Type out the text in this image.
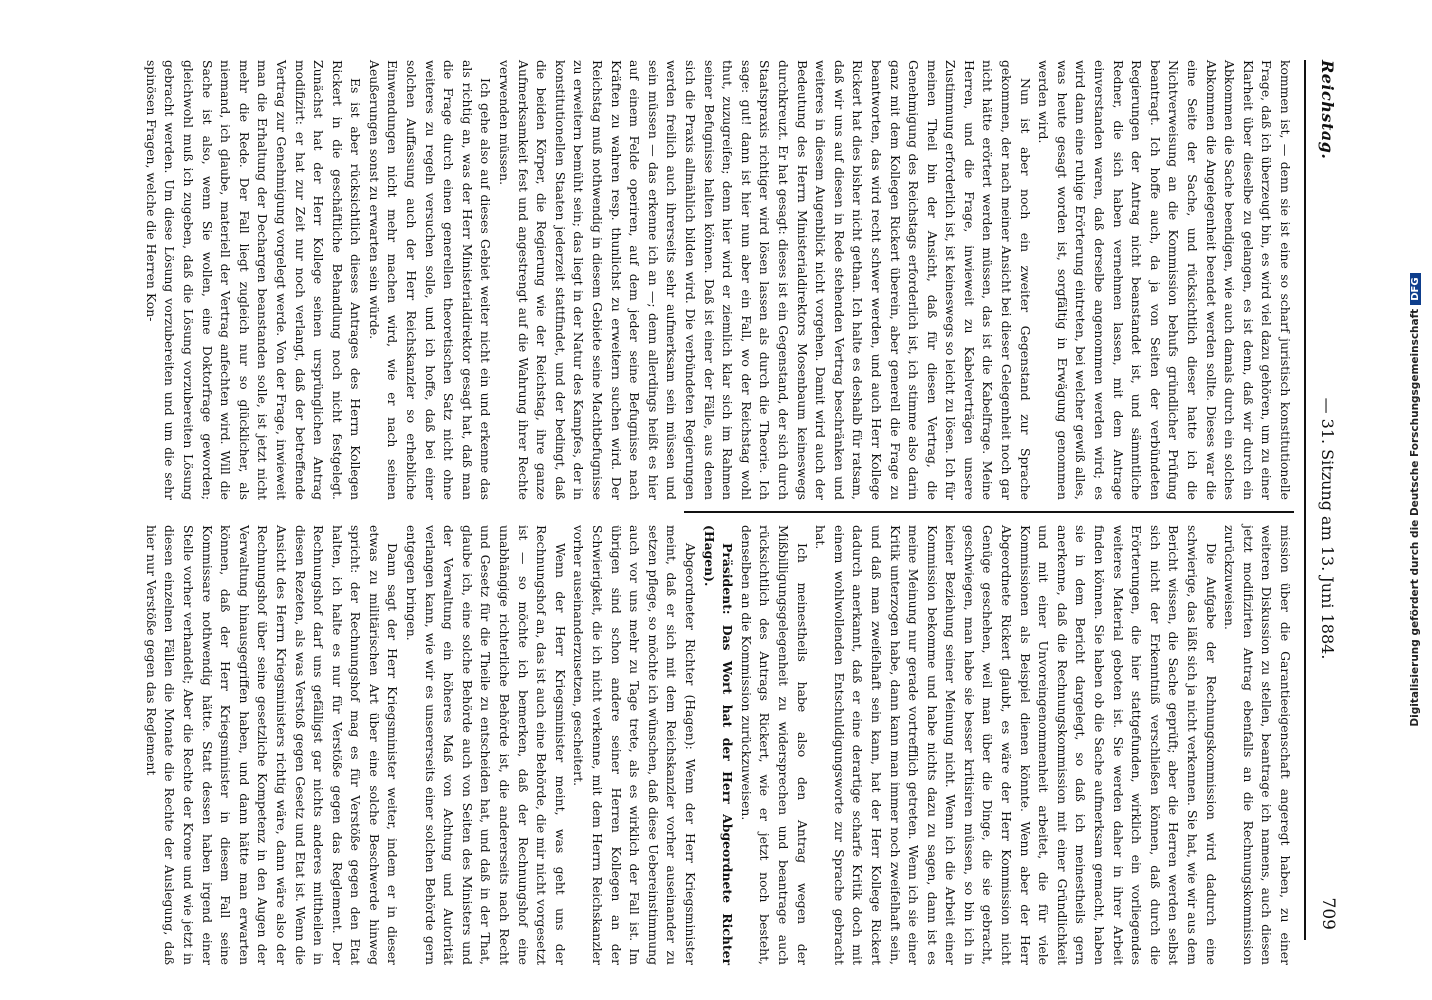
Reichstag.
— 31. Sitzung am 13. Juni 1884.
709

kommen ist, — denn sie ist eine so scharf juristisch konstitutionelle Frage, daß ich überzeugt bin, es wird viel dazu gehören, um zu einer Klarheit über dieselbe zu gelangen, es ist denn, daß wir durch ein Abkommen die Sache beendigen, wie auch damals durch ein solches Abkommen die Angelegenheit beendet werden sollte. Dieses war die eine Seite der Sache, und rücksichtlich dieser hatte ich die Nichtverweisung an die Kommission behufs gründlicher Prüfung beantragt. Ich hoffe auch, da ja von Seiten der verbündeten Regierungen der Antrag nicht beanstandet ist, und sämmtliche Redner, die sich haben vernehmen lassen, mit dem Antrage einverstanden waren, daß derselbe angenommen werden wird; es wird dann eine ruhige Erörterung eintreten, bei welcher gewiß alles, was heute gesagt worden ist, sorgfältig in Erwägung genommen werden wird.

Nun ist aber noch ein zweiter Gegenstand zur Sprache gekommen, der nach meiner Ansicht bei dieser Gelegenheit noch gar nicht hätte erörtert werden müssen, das ist die Kabelfrage. Meine Herren, und die Frage, inwieweit zu Kabelverträgen unsere Zustimmung erforderlich ist, ist keineswegs so leicht zu lösen. Ich für meinen Theil bin der Ansicht, daß für diesen Vertrag, die Genehmigung des Reichstags erforderlich ist, ich stimme also darin ganz mit dem Kollegen Rickert überein, aber generell die Frage zu beantworten, das wird recht schwer werden, und auch Herr Kollege Rickert hat dies bisher nicht gethan. Ich halte es deshalb für ratsam, daß wir uns auf diesen in Rede stehenden Vertrag beschränken und weiteres in diesem Augenblick nicht vorgehen. Damit wird auch der Bedeutung des Herrn Ministerialdirektors Mosenbaum keineswegs durchkreuzt. Er hat gesagt: dieses ist ein Gegenstand, der sich durch Staatspraxis richtiger wird lösen lassen als durch die Theorie. Ich sage: gut! dann ist hier nun aber ein Fall, wo der Reichstag wohl thut, zuzugreifen; denn hier wird er ziemlich klar sich im Rahmen seiner Befugnisse halten können. Daß ist einer der Fälle, aus denen sich die Praxis allmählich bilden wird. Die verbündeten Regierungen werden freilich auch ihrerseits sehr aufmerksam sein müssen und sein müssen — das erkenne ich an —; denn allerdings heißt es hier auf einem Felde operiren, auf dem jeder seine Befugnisse nach Kräften zu wahren resp. thunlichst zu erweitern suchen wird. Der Reichstag muß nothwendig in diesem Gebiete seine Machtbefugnisse zu erweitern bemüht sein; das liegt in der Natur des Kampfes, der in konstitutionellen Staaten jederzeit stattfindet, und der bedingt, daß die beiden Körper, die Regierung wie der Reichstag, ihre ganze Aufmerksamkeit fest und angestrengt auf die Wahrung ihrer Rechte verwenden müssen.

Ich gehe also auf dieses Gebiet weiter nicht ein und erkenne das als richtig an, was der Herr Ministerialdirektor gesagt hat, daß man die Frage durch einen generellen theoretischen Satz nicht ohne weiteres zu regeln versuchen solle, und ich hoffe, daß bei einer solchen Auffassung auch der Herr Reichskanzler so erhebliche Einwendungen nicht mehr machen wird, wie er nach seinen Aeußerungen sonst zu erwarten sein würde.

Es ist aber rücksichtlich dieses Antrages des Herrn Kollegen Rickert in die geschäftliche Behandlung noch nicht festgelegt. Zunächst hat der Herr Kollege seinen ursprünglichen Antrag modifizirt: er hat zur Zeit nur noch verlangt, daß der betreffende Vertrag zur Genehmigung vorgelegt werde. Von der Frage, inwieweit man die Erhaltung der Dechargen beanstanden solle, ist jetzt nicht mehr die Rede. Der Fall liegt zugleich nur so glücklicher, als niemand, ich glaube, materiell der Vertrag anfechten wird. Will die Sache ist also, wenn Sie wollen, eine Doktorfrage geworden; gleichwohl muß ich zugeben, daß die Lösung vorzubereiten Lösung gebracht werden. Um diese Lösung vorzubereiten und um die sehr spinösen Fragen, welche die Herren Kon-

mission über die Garantieeigenschaft angeregt haben, zu einer weiteren Diskussion zu stellen, beantrage ich namens, auch diesen jetzt modifizirten Antrag ebenfalls an die Rechnungskommission zurückzuweisen.

Die Aufgabe der Rechnungskommission wird dadurch eine schwierige, das läßt sich ja nicht verkennen. Sie hat, wie wir aus dem Bericht wissen, die Sache geprüft; aber die Herren werden selbst sich nicht der Erkenntniß verschließen können, daß durch die Erörterungen, die hier stattgefunden, wirklich ein vorliegendes weiteres Material geboten ist. Sie werden daher in ihrer Arbeit finden können. Sie haben ob die Sache aufmerksam gemacht, haben sie in dem Bericht dargelegt, so daß ich meinestheils gern anerkenne, daß die Rechnungskommission mit einer Gründlichkeit und mit einer Unvoreingenommenheit arbeitet, die für viele Kommissionen als Beispiel dienen könnte. Wenn aber der Herr Abgeordnete Rickert glaubt, es wäre der Herr Kommission nicht Genüge geschehen, weil man über die Dinge, die sie gebracht, geschwiegen, man habe sie besser kritisiren müssen, so bin ich in keiner Beziehung seiner Meinung nicht. Wenn ich die Arbeit einer Kommission bekomme und habe nichts dazu zu sagen, dann ist es meine Meinung nur gerade vortrefflich getreten. Wenn ich sie einer Kritik unterzogen habe, dann kann man immer noch zweifelhaft sein, und daß man zweifelhaft sein kann, hat der Herr Kollege Rickert dadurch anerkannt, daß er eine derartige scharfe Kritik doch mit einem wohlwollenden Entschuldigungsworte zur Sprache gebracht hat.

Ich meinestheils habe also den Antrag wegen der Mißbilligungsgelegenheit zu widersprechen und beantrage auch rücksichtlich des Antrags Rickert, wie er jetzt noch besteht, denselben an die Kommission zurückzuweisen.

Präsident: Das Wort hat der Herr Abgeordnete Richter (Hagen).

Abgeordneter Richter (Hagen): Wenn der Herr Kriegsminister meint, daß er sich mit dem Reichskanzler vorher auseinander zu setzen pflege, so möchte ich wünschen, daß diese Uebereinstimmung auch vor uns mehr zu Tage trete, als es wirklich der Fall ist. Im übrigen sind schon andere seiner Herren Kollegen an der Schwierigkeit, die ich nicht verkenne, mit dem Herrn Reichskanzler vorher auseinanderzusetzen, gescheitert.

Wenn der Herr Kriegsminister meint, was geht uns der Rechnungshof an, das ist auch eine Behörde, die mir nicht vorgesetzt ist — so möchte ich bemerken, daß der Rechnungshof eine unabhängige richterliche Behörde ist, die andererseits nach Recht und Gesetz für die Theile zu entscheiden hat, und daß in der That, glaube ich, eine solche Behörde auch von Seiten des Ministers und der Verwaltung ein höheres Maß von Achtung und Autorität verlangen kann, wie wir es unsererseits einer solchen Behörde gern entgegen bringen.

Dann sagt der Herr Kriegsminister weiter, indem er in dieser etwas zu militärischen Art über eine solche Beschwerde hinweg spricht: der Rechnungshof mag es für Verstöße gegen den Etat halten, ich halte es nur für Verstöße gegen das Reglement. Der Rechnungshof darf uns gefälligst gar nichts anderes mittheilen in diesen Rezeten, als was Verstoß gegen Gesetz und Etat ist. Wenn die Ansicht des Herrn Kriegsministers richtig wäre, dann wäre also der Rechnungshof über seine gesetzliche Kompetenz in den Augen der Verwaltung hinausgegriffen haben, und dann hätte man erwarten können, daß der Herr Kriegsminister in diesem Fall seine Kommissare nothwendig hätte. Statt dessen haben irgend einer Stelle vorher verhandelt; Aber die Rechte der Krone und wie jetzt in diesen einzelnen Fällen die Monate die Rechte der Auslegung, daß hier nur Verstöße gegen das Reglement	Digitalisierung gefördert durch die Deutsche ForschungsgemeinschaftDFG
